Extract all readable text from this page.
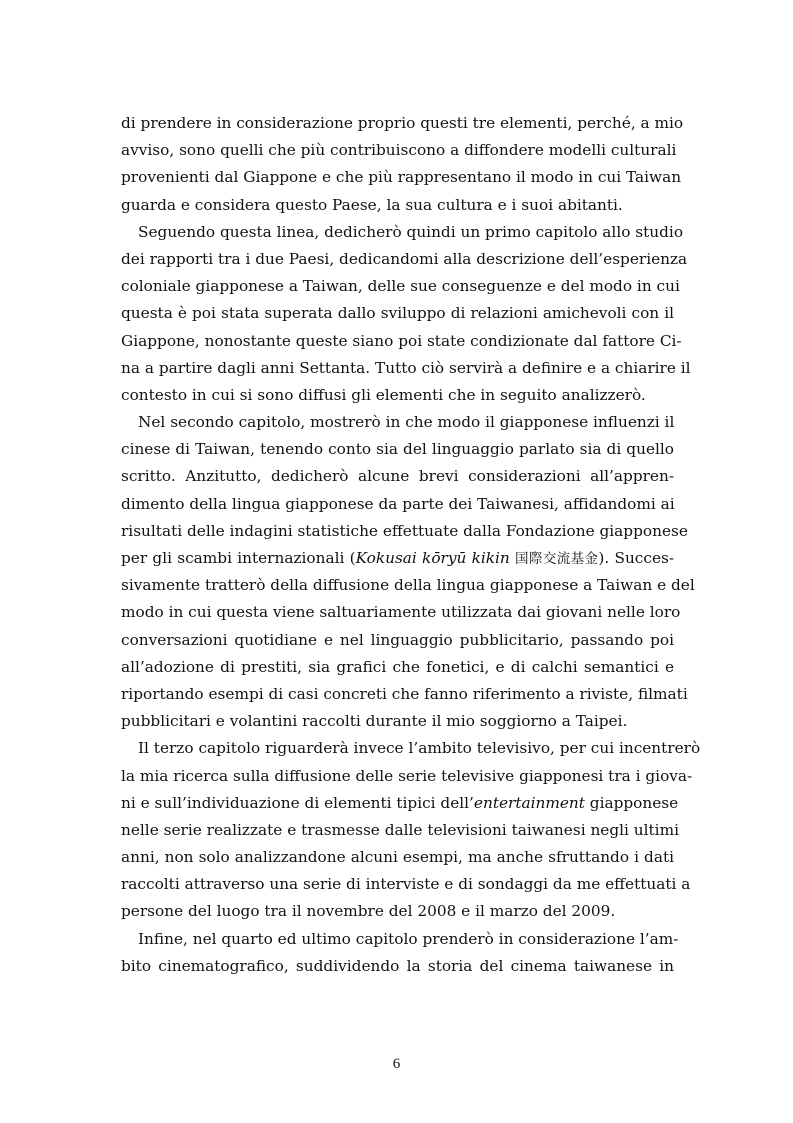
di prendere in considerazione proprio questi tre elementi, perché, a mio
avviso, sono quelli che più contribuiscono a diffondere modelli culturali
provenienti dal Giappone e che più rappresentano il modo in cui Taiwan
guarda e considera questo Paese, la sua cultura e i suoi abitanti.
Seguendo questa linea, dedicherò quindi un primo capitolo allo studio
dei rapporti tra i due Paesi, dedicandomi alla descrizione dell’esperienza
coloniale giapponese a Taiwan, delle sue conseguenze e del modo in cui
questa è poi stata superata dallo sviluppo di relazioni amichevoli con il
Giappone, nonostante queste siano poi state condizionate dal fattore Ci-
na a partire dagli anni Settanta. Tutto ciò servirà a definire e a chiarire il
contesto in cui si sono diffusi gli elementi che in seguito analizzerò.
Nel secondo capitolo, mostrerò in che modo il giapponese influenzi il
cinese di Taiwan, tenendo conto sia del linguaggio parlato sia di quello
scritto. Anzitutto, dedicherò alcune brevi considerazioni all’appren-
dimento della lingua giapponese da parte dei Taiwanesi, affidandomi ai
risultati delle indagini statistiche effettuate dalla Fondazione giapponese
per gli scambi internazionali (Kokusai kōryū kikin 国際交流基金). Succes-
sivamente tratterò della diffusione della lingua giapponese a Taiwan e del
modo in cui questa viene saltuariamente utilizzata dai giovani nelle loro
conversazioni quotidiane e nel linguaggio pubblicitario, passando poi
all’adozione di prestiti, sia grafici che fonetici, e di calchi semantici e
riportando esempi di casi concreti che fanno riferimento a riviste, filmati
pubblicitari e volantini raccolti durante il mio soggiorno a Taipei.
Il terzo capitolo riguarderà invece l’ambito televisivo, per cui incentrerò
la mia ricerca sulla diffusione delle serie televisive giapponesi tra i giova-
ni e sull’individuazione di elementi tipici dell’entertainment giapponese
nelle serie realizzate e trasmesse dalle televisioni taiwanesi negli ultimi
anni, non solo analizzandone alcuni esempi, ma anche sfruttando i dati
raccolti attraverso una serie di interviste e di sondaggi da me effettuati a
persone del luogo tra il novembre del 2008 e il marzo del 2009.
Infine, nel quarto ed ultimo capitolo prenderò in considerazione l’am-
bito cinematografico, suddividendo la storia del cinema taiwanese in
6
